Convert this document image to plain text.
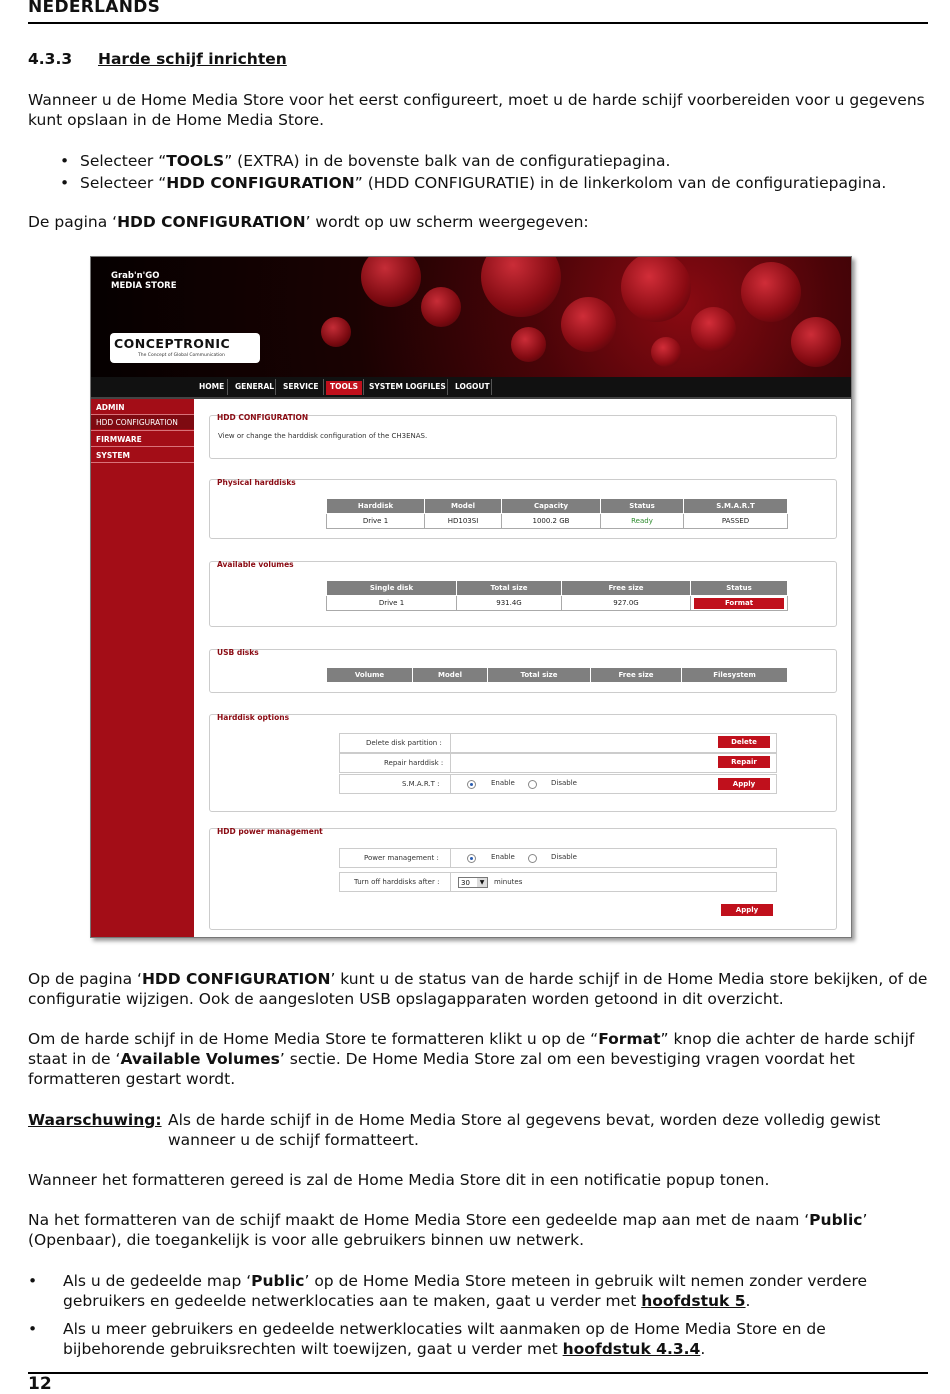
NEDERLANDS
4.3.3 Harde schijf inrichten
Wanneer u de Home Media Store voor het eerst configureert, moet u de harde schijf voorbereiden voor u gegevens kunt opslaan in de Home Media Store.
• Selecteer “TOOLS” (EXTRA) in de bovenste balk van de configuratiepagina.
• Selecteer “HDD CONFIGURATION” (HDD CONFIGURATIE) in de linkerkolom van de configuratiepagina.
De pagina ‘HDD CONFIGURATION’ wordt op uw scherm weergegeven:
Grab'n'GO
MEDIA STORE
CONCEPTRONIC
The Concept of Global Communication
HOME	GENERAL	SERVICE	TOOLS	SYSTEM LOGFILES	LOGOUT
ADMIN
HDD CONFIGURATION
FIRMWARE
SYSTEM
HDD CONFIGURATION
View or change the harddisk configuration of the CH3ENAS.
Physical harddisks
Harddisk	Model	Capacity	Status	S.M.A.R.T
Drive 1	HD103SI	1000.2 GB	Ready	PASSED
Available volumes
Single disk	Total size	Free size	Status
Drive 1	931.4G	927.0G	Format
USB disks
Volume	Model	Total size	Free size	Filesystem
Harddisk options
Delete disk partition :	Delete
Repair harddisk :	Repair
S.M.A.R.T :	Enable	Disable	Apply
HDD power management
Power management :	Enable	Disable
Turn off harddisks after :	30	▼	minutes
Apply
Op de pagina ‘HDD CONFIGURATION’ kunt u de status van de harde schijf in de Home Media store bekijken, of de configuratie wijzigen. Ook de aangesloten USB opslagapparaten worden getoond in dit overzicht.
Om de harde schijf in de Home Media Store te formatteren klikt u op de “Format” knop die achter de harde schijf staat in de ‘Available Volumes’ sectie. De Home Media Store zal om een bevestiging vragen voordat het formatteren gestart wordt.
Waarschuwing: Als de harde schijf in de Home Media Store al gegevens bevat, worden deze volledig gewist wanneer u de schijf formatteert.
Wanneer het formatteren gereed is zal de Home Media Store dit in een notificatie popup tonen.
Na het formatteren van de schijf maakt de Home Media Store een gedeelde map aan met de naam ‘Public’ (Openbaar), die toegankelijk is voor alle gebruikers binnen uw netwerk.
• Als u de gedeelde map ‘Public’ op de Home Media Store meteen in gebruik wilt nemen zonder verdere gebruikers en gedeelde netwerklocaties aan te maken, gaat u verder met hoofdstuk 5.
• Als u meer gebruikers en gedeelde netwerklocaties wilt aanmaken op de Home Media Store en de bijbehorende gebruiksrechten wilt toewijzen, gaat u verder met hoofdstuk 4.3.4.
12
